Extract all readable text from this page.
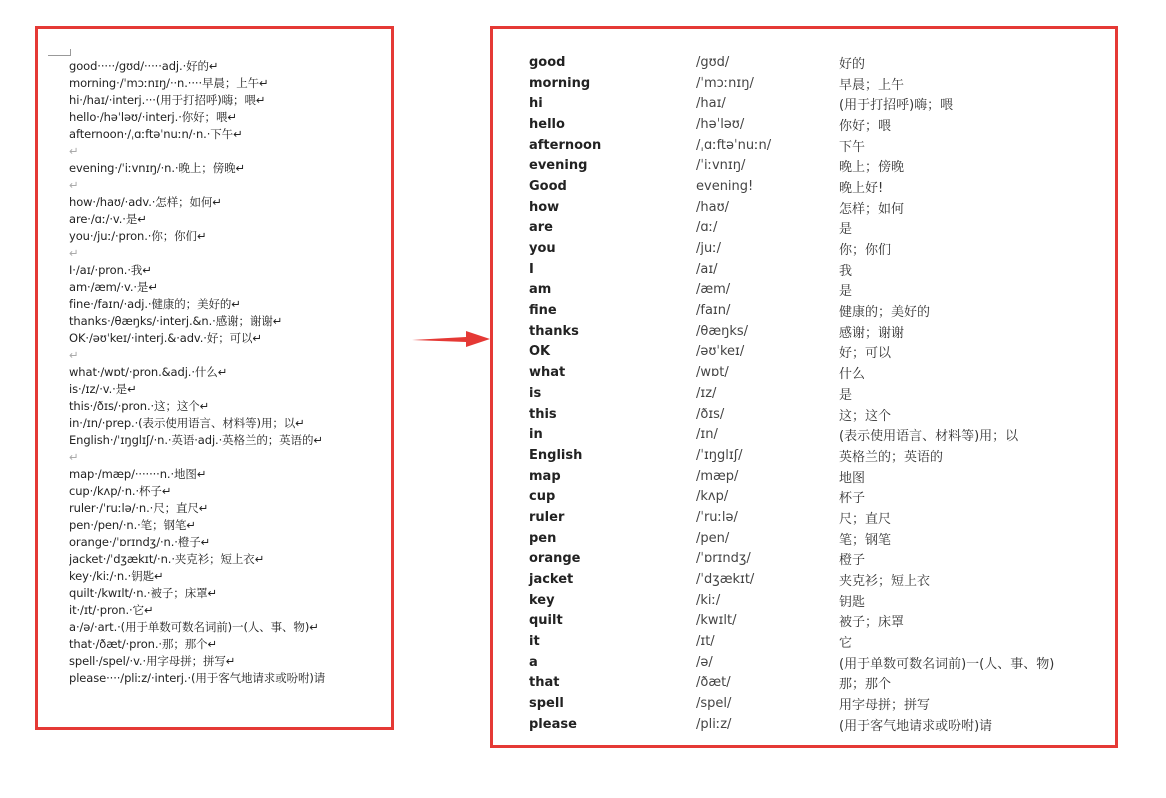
good·····/gʊd/·····adj.·好的↵
morning·/ˈmɔːnɪŋ/··n.····早晨；上午↵
hi·/haɪ/·interj.···(用于打招呼)嗨；喂↵
hello·/həˈləʊ/·interj.·你好；喂↵
afternoon·/ˌɑːftəˈnuːn/·n.·下午↵
↵
evening·/ˈiːvnɪŋ/·n.·晚上；傍晚↵
↵
how·/haʊ/·adv.·怎样；如何↵
are·/ɑː/·v.·是↵
you·/juː/·pron.·你；你们↵
↵
I·/aɪ/·pron.·我↵
am·/æm/·v.·是↵
fine·/faɪn/·adj.·健康的；美好的↵
thanks·/θæŋks/·interj.&n.·感谢；谢谢↵
OK·/əʊˈkeɪ/·interj.&·adv.·好；可以↵
↵
what·/wɒt/·pron.&adj.·什么↵
is·/ɪz/·v.·是↵
this·/ðɪs/·pron.·这；这个↵
in·/ɪn/·prep.·(表示使用语言、材料等)用；以↵
English·/ˈɪŋglɪʃ/·n.·英语·adj.·英格兰的；英语的↵
↵
map·/mæp/·······n.·地图↵
cup·/kʌp/·n.·杯子↵
ruler·/ˈruːlə/·n.·尺；直尺↵
pen·/pen/·n.·笔；钢笔↵
orange·/ˈɒrɪndʒ/·n.·橙子↵
jacket·/ˈdʒækɪt/·n.·夹克衫；短上衣↵
key·/kiː/·n.·钥匙↵
quilt·/kwɪlt/·n.·被子；床罩↵
it·/ɪt/·pron.·它↵
a·/ə/·art.·(用于单数可数名词前)一(人、事、物)↵
that·/ðæt/·pron.·那；那个↵
spell·/spel/·v.·用字母拼；拼写↵
please····/pliːz/·interj.·(用于客气地请求或吩咐)请
good	/gʊd/	好的
morning	/ˈmɔːnɪŋ/	早晨；上午
hi	/haɪ/	(用于打招呼)嗨；喂
hello	/həˈləʊ/	你好；喂
afternoon	/ˌɑːftəˈnuːn/	下午
evening	/ˈiːvnɪŋ/	晚上；傍晚
Good	evening!	晚上好!
how	/haʊ/	怎样；如何
are	/ɑː/	是
you	/juː/	你；你们
I	/aɪ/	我
am	/æm/	是
fine	/faɪn/	健康的；美好的
thanks	/θæŋks/	感谢；谢谢
OK	/əʊˈkeɪ/	好；可以
what	/wɒt/	什么
is	/ɪz/	是
this	/ðɪs/	这；这个
in	/ɪn/	(表示使用语言、材料等)用；以
English	/ˈɪŋglɪʃ/	英格兰的；英语的
map	/mæp/	地图
cup	/kʌp/	杯子
ruler	/ˈruːlə/	尺；直尺
pen	/pen/	笔；钢笔
orange	/ˈɒrɪndʒ/	橙子
jacket	/ˈdʒækɪt/	夹克衫；短上衣
key	/kiː/	钥匙
quilt	/kwɪlt/	被子；床罩
it	/ɪt/	它
a	/ə/	(用于单数可数名词前)一(人、事、物)
that	/ðæt/	那；那个
spell	/spel/	用字母拼；拼写
please	/pliːz/	(用于客气地请求或吩咐)请
